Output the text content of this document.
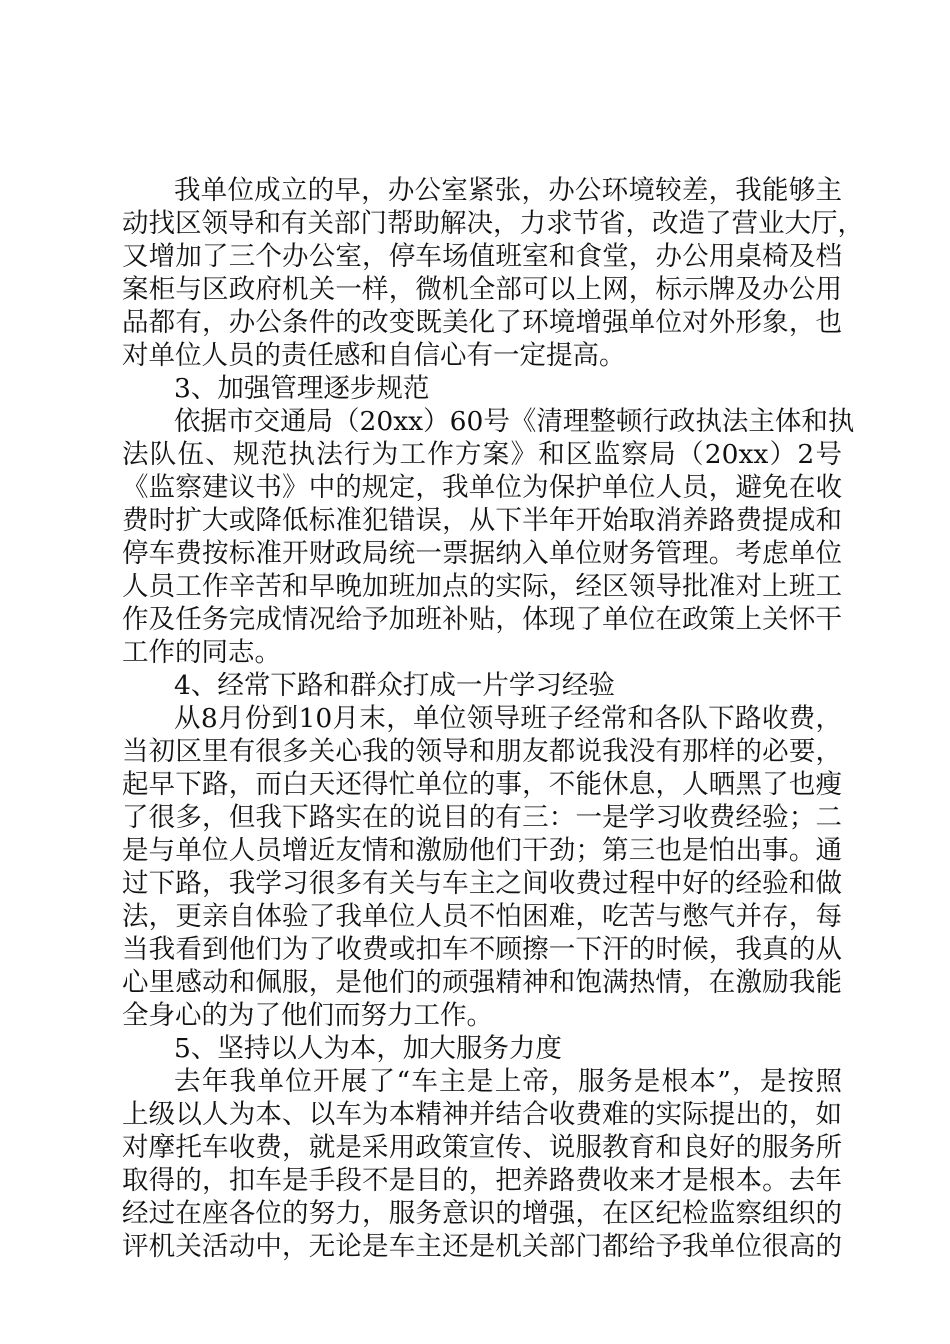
我单位成立的早，办公室紧张，办公环境较差，我能够主
动找区领导和有关部门帮助解决，力求节省，改造了营业大厅，
又增加了三个办公室，停车场值班室和食堂，办公用桌椅及档
案柜与区政府机关一样，微机全部可以上网，标示牌及办公用
品都有，办公条件的改变既美化了环境增强单位对外形象，也
对单位人员的责任感和自信心有一定提高。
3、加强管理逐步规范
依据市交通局（20xx）60号《清理整顿行政执法主体和执
法队伍、规范执法行为工作方案》和区监察局（20xx）2号
《监察建议书》中的规定，我单位为保护单位人员，避免在收
费时扩大或降低标准犯错误，从下半年开始取消养路费提成和
停车费按标准开财政局统一票据纳入单位财务管理。考虑单位
人员工作辛苦和早晚加班加点的实际，经区领导批准对上班工
作及任务完成情况给予加班补贴，体现了单位在政策上关怀干
工作的同志。
4、经常下路和群众打成一片学习经验
从8月份到10月末，单位领导班子经常和各队下路收费，
当初区里有很多关心我的领导和朋友都说我没有那样的必要，
起早下路，而白天还得忙单位的事，不能休息，人晒黑了也瘦
了很多，但我下路实在的说目的有三：一是学习收费经验；二
是与单位人员增近友情和激励他们干劲；第三也是怕出事。通
过下路，我学习很多有关与车主之间收费过程中好的经验和做
法，更亲自体验了我单位人员不怕困难，吃苦与憋气并存，每
当我看到他们为了收费或扣车不顾擦一下汗的时候，我真的从
心里感动和佩服，是他们的顽强精神和饱满热情，在激励我能
全身心的为了他们而努力工作。
5、坚持以人为本，加大服务力度
去年我单位开展了“车主是上帝，服务是根本”，是按照
上级以人为本、以车为本精神并结合收费难的实际提出的，如
对摩托车收费，就是采用政策宣传、说服教育和良好的服务所
取得的，扣车是手段不是目的，把养路费收来才是根本。去年
经过在座各位的努力，服务意识的增强，在区纪检监察组织的
评机关活动中，无论是车主还是机关部门都给予我单位很高的
